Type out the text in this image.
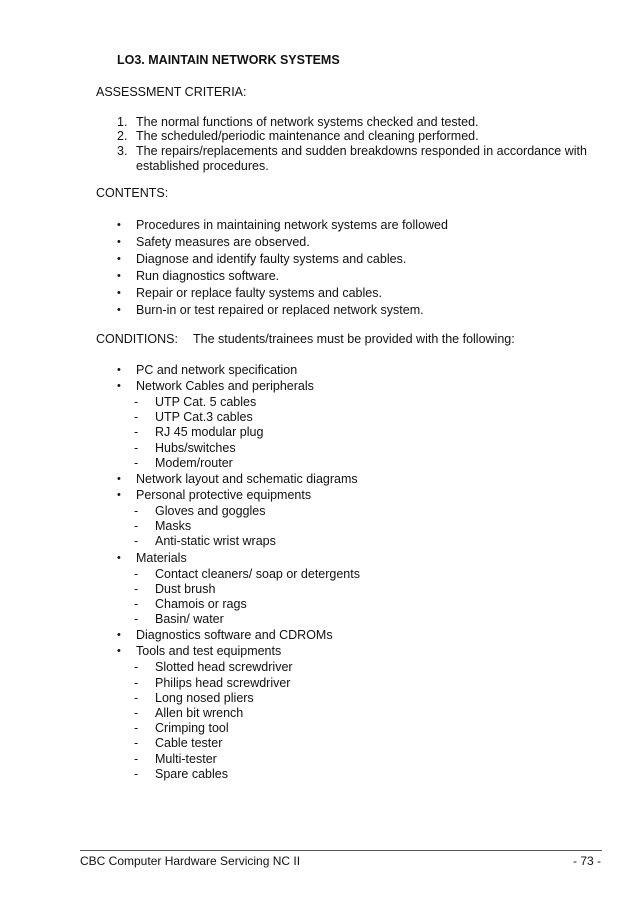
LO3. MAINTAIN NETWORK SYSTEMS
ASSESSMENT CRITERIA:
CONTENTS:
CONDITIONS: The students/trainees must be provided with the following:
CBC Computer Hardware Servicing NC II	- 73 -
1. The normal functions of network systems checked and tested.
2. The scheduled/periodic maintenance and cleaning performed.
3. The repairs/replacements and sudden breakdowns responded in accordance with
established procedures.
• Procedures in maintaining network systems are followed
• Safety measures are observed.
• Diagnose and identify faulty systems and cables.
• Run diagnostics software.
• Repair or replace faulty systems and cables.
• Burn-in or test repaired or replaced network system.
• PC and network specification
• Network Cables and peripherals
- UTP Cat. 5 cables
- UTP Cat.3 cables
- RJ 45 modular plug
- Hubs/switches
- Modem/router
• Network layout and schematic diagrams
• Personal protective equipments
- Gloves and goggles
- Masks
- Anti-static wrist wraps
• Materials
- Contact cleaners/ soap or detergents
- Dust brush
- Chamois or rags
- Basin/ water
• Diagnostics software and CDROMs
• Tools and test equipments
- Slotted head screwdriver
- Philips head screwdriver
- Long nosed pliers
- Allen bit wrench
- Crimping tool
- Cable tester
- Multi-tester
- Spare cables
